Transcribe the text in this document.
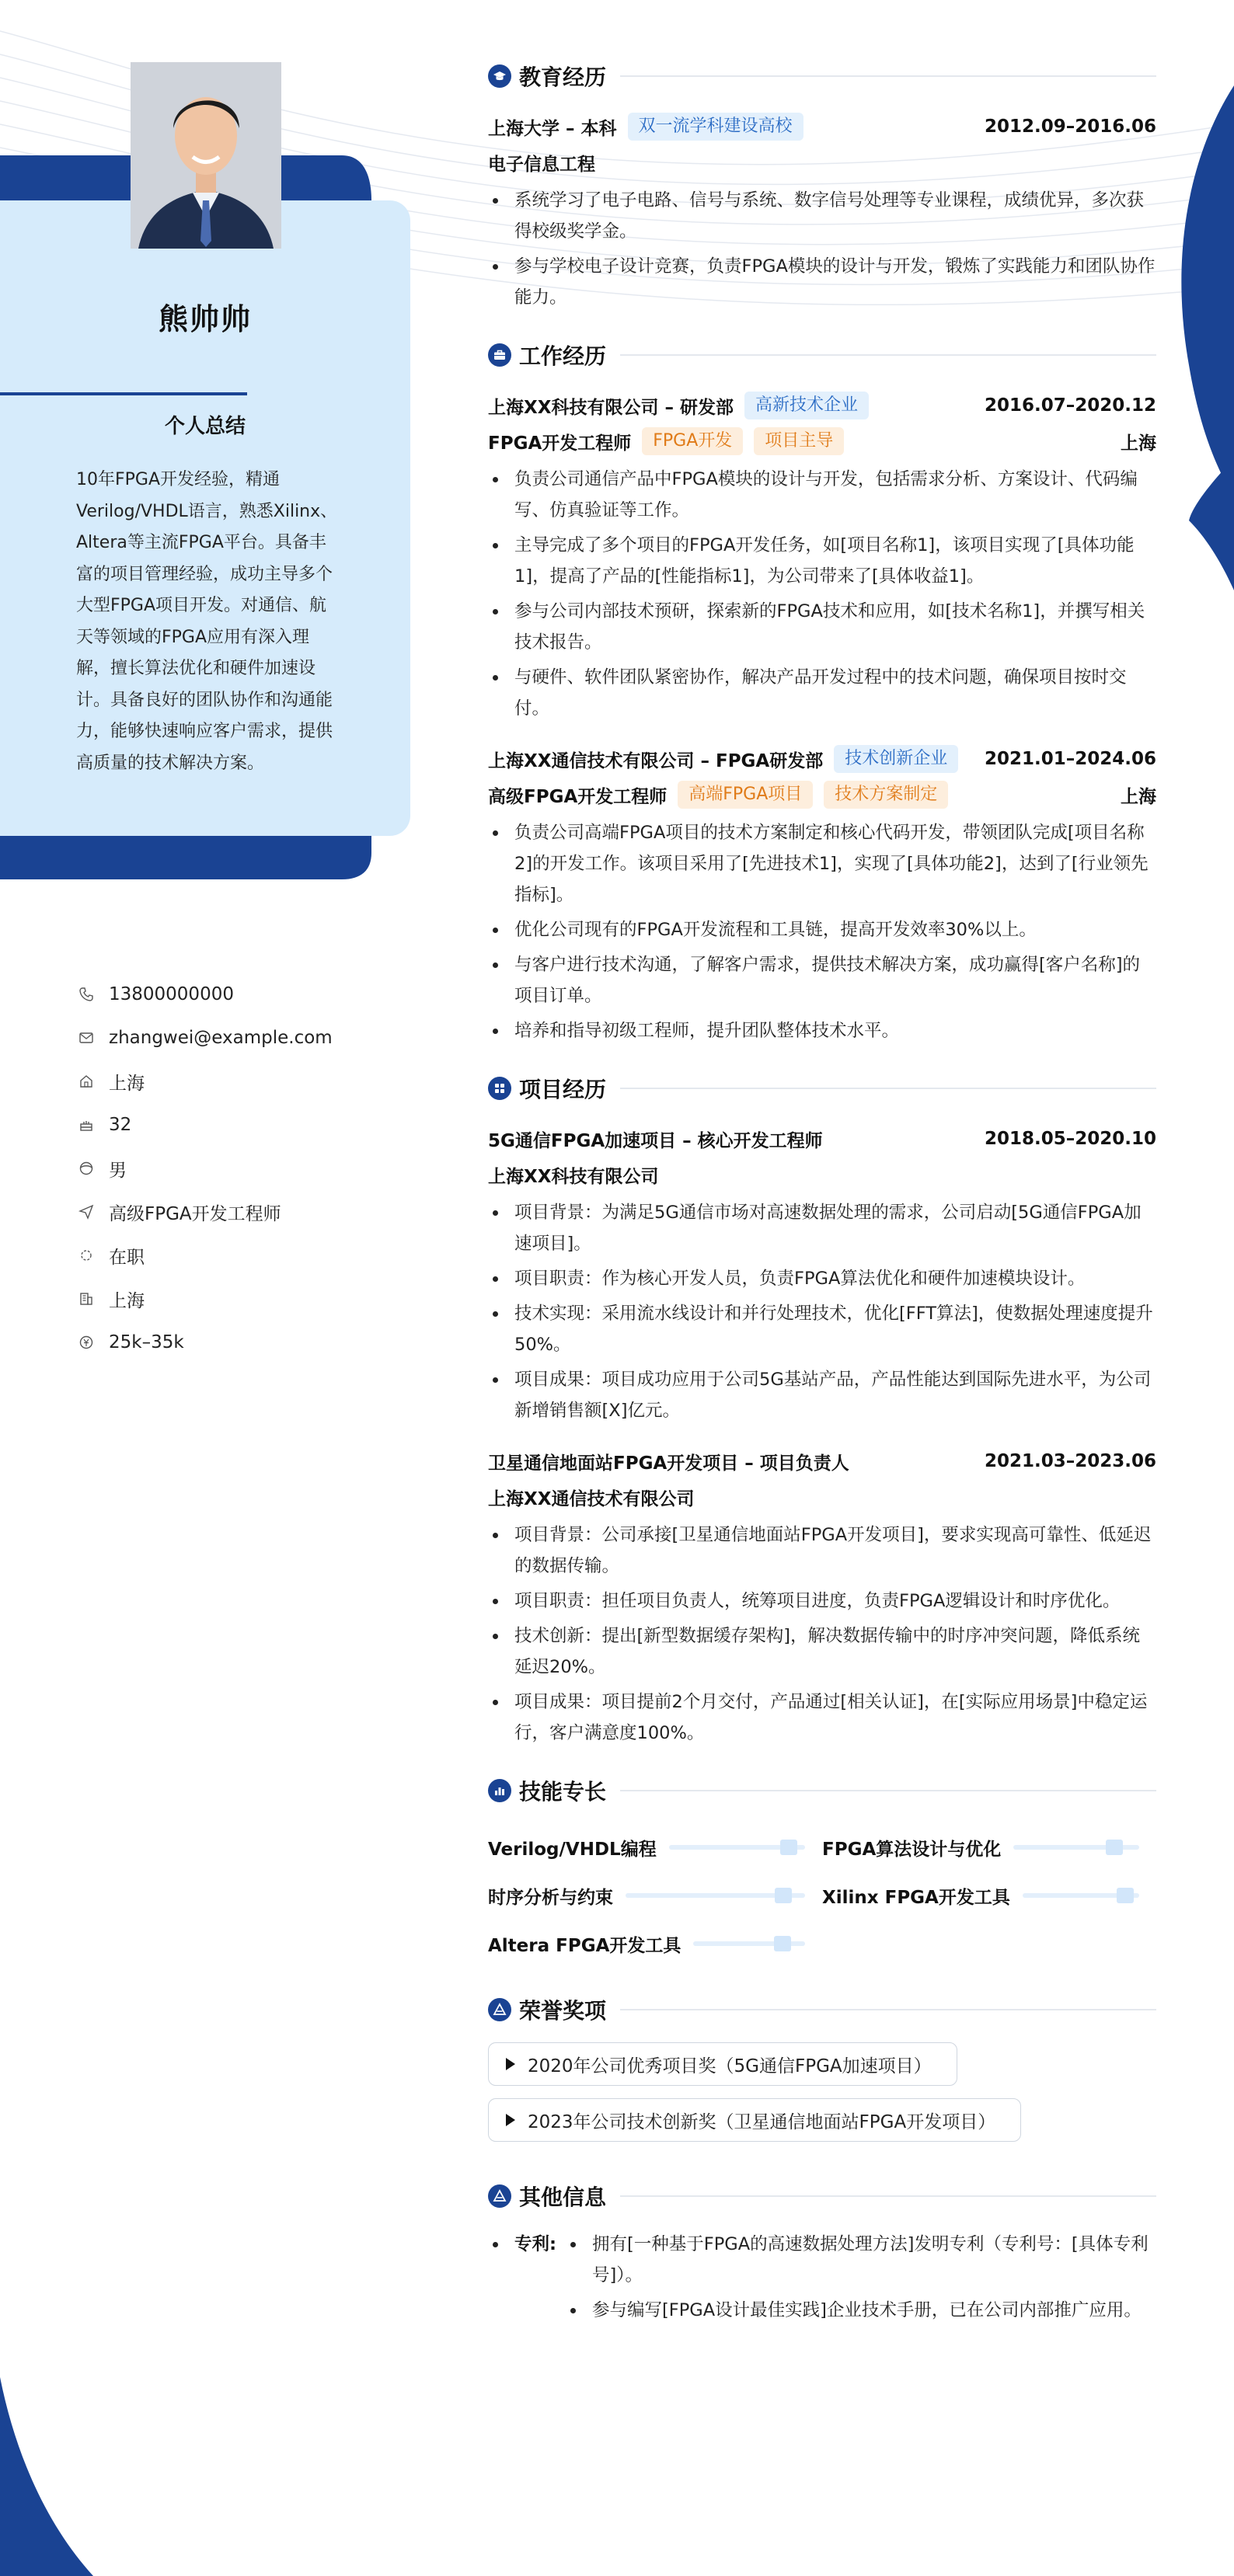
熊帅帅
个人总结
10年FPGA开发经验，精通Verilog/VHDL语言，熟悉Xilinx、Altera等主流FPGA平台。具备丰富的项目管理经验，成功主导多个大型FPGA项目开发。对通信、航天等领域的FPGA应用有深入理解，擅长算法优化和硬件加速设计。具备良好的团队协作和沟通能力，能够快速响应客户需求，提供高质量的技术解决方案。
13800000000
zhangwei@example.com
上海
32
男
高级FPGA开发工程师
在职
上海
25k–35k
教育经历
上海大学 – 本科	双一流学科建设高校	2012.09–2016.06
电子信息工程
系统学习了电子电路、信号与系统、数字信号处理等专业课程，成绩优异，多次获得校级奖学金。
参与学校电子设计竞赛，负责FPGA模块的设计与开发，锻炼了实践能力和团队协作能力。
工作经历
上海XX科技有限公司 – 研发部	高新技术企业	2016.07–2020.12
FPGA开发工程师	FPGA开发	项目主导	上海
负责公司通信产品中FPGA模块的设计与开发，包括需求分析、方案设计、代码编写、仿真验证等工作。
主导完成了多个项目的FPGA开发任务，如[项目名称1]，该项目实现了[具体功能1]，提高了产品的[性能指标1]，为公司带来了[具体收益1]。
参与公司内部技术预研，探索新的FPGA技术和应用，如[技术名称1]，并撰写相关技术报告。
与硬件、软件团队紧密协作，解决产品开发过程中的技术问题，确保项目按时交付。
上海XX通信技术有限公司 – FPGA研发部	技术创新企业	2021.01–2024.06
高级FPGA开发工程师	高端FPGA项目	技术方案制定	上海
负责公司高端FPGA项目的技术方案制定和核心代码开发，带领团队完成[项目名称2]的开发工作。该项目采用了[先进技术1]，实现了[具体功能2]，达到了[行业领先指标]。
优化公司现有的FPGA开发流程和工具链，提高开发效率30%以上。
与客户进行技术沟通，了解客户需求，提供技术解决方案，成功赢得[客户名称]的项目订单。
培养和指导初级工程师，提升团队整体技术水平。
项目经历
5G通信FPGA加速项目 – 核心开发工程师	2018.05–2020.10
上海XX科技有限公司
项目背景：为满足5G通信市场对高速数据处理的需求，公司启动[5G通信FPGA加速项目]。
项目职责：作为核心开发人员，负责FPGA算法优化和硬件加速模块设计。
技术实现：采用流水线设计和并行处理技术，优化[FFT算法]，使数据处理速度提升50%。
项目成果：项目成功应用于公司5G基站产品，产品性能达到国际先进水平，为公司新增销售额[X]亿元。
卫星通信地面站FPGA开发项目 – 项目负责人	2021.03–2023.06
上海XX通信技术有限公司
项目背景：公司承接[卫星通信地面站FPGA开发项目]，要求实现高可靠性、低延迟的数据传输。
项目职责：担任项目负责人，统筹项目进度，负责FPGA逻辑设计和时序优化。
技术创新：提出[新型数据缓存架构]，解决数据传输中的时序冲突问题，降低系统延迟20%。
项目成果：项目提前2个月交付，产品通过[相关认证]，在[实际应用场景]中稳定运行，客户满意度100%。
技能专长
Verilog/VHDL编程	FPGA算法设计与优化
时序分析与约束	Xilinx FPGA开发工具
Altera FPGA开发工具
荣誉奖项
2020年公司优秀项目奖（5G通信FPGA加速项目）
2023年公司技术创新奖（卫星通信地面站FPGA开发项目）
其他信息
专利:	拥有[一种基于FPGA的高速数据处理方法]发明专利（专利号：[具体专利号]）。
参与编写[FPGA设计最佳实践]企业技术手册，已在公司内部推广应用。
